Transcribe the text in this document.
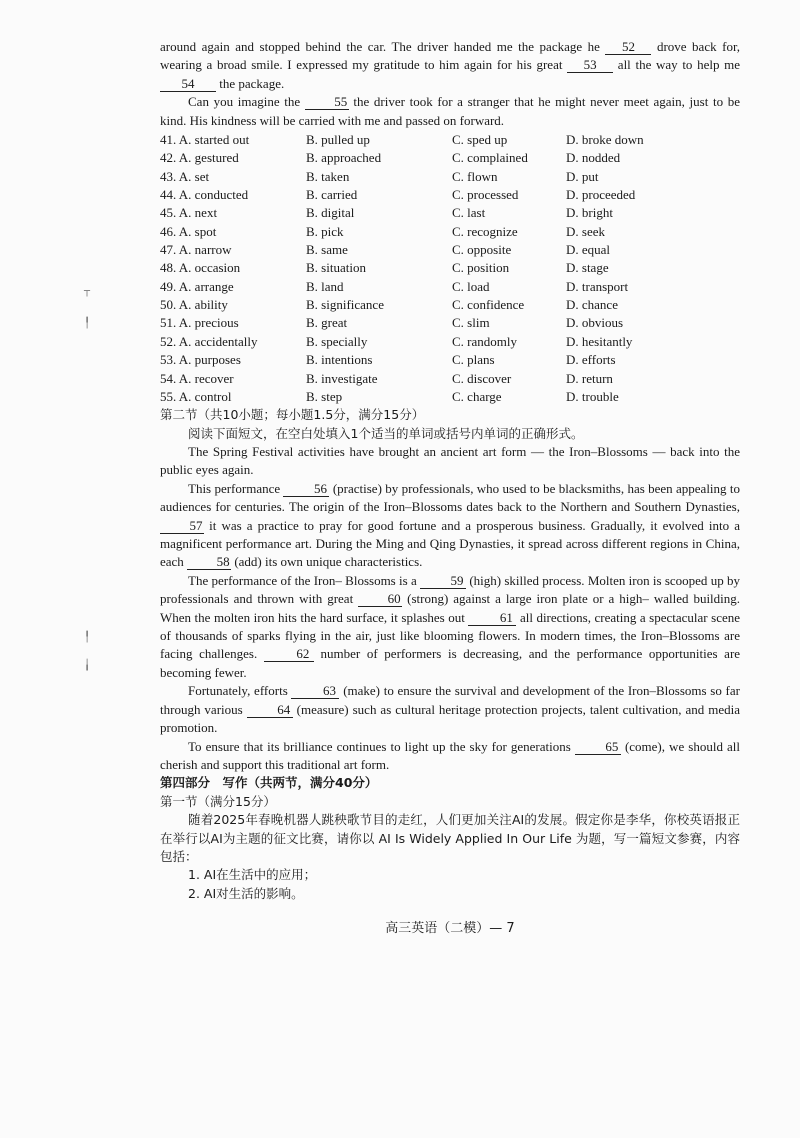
around again and stopped behind the car. The driver handed me the package he 52 drove back for, wearing a broad smile. I expressed my gratitude to him again for his great 53 all the way to help me 54 the package.

Can you imagine the	55 the driver took for a stranger that he might never meet again, just to be kind. His kindness will be carried with me and passed on forward.

41. A. started out	B. pulled up	C. sped up	D. broke down
42. A. gestured	B. approached	C. complained	D. nodded
43. A. set	B. taken	C. flown	D. put
44. A. conducted	B. carried	C. processed	D. proceeded
45. A. next	B. digital	C. last	D. bright
46. A. spot	B. pick	C. recognize	D. seek
47. A. narrow	B. same	C. opposite	D. equal
48. A. occasion	B. situation	C. position	D. stage
49. A. arrange	B. land	C. load	D. transport
50. A. ability	B. significance	C. confidence	D. chance
51. A. precious	B. great	C. slim	D. obvious
52. A. accidentally	B. specially	C. randomly	D. hesitantly
53. A. purposes	B. intentions	C. plans	D. efforts
54. A. recover	B. investigate	C. discover	D. return
55. A. control	B. step	C. charge	D. trouble

第二节（共10小题；每小题1.5分，满分15分）

阅读下面短文，在空白处填入1个适当的单词或括号内单词的正确形式。

The Spring Festival activities have brought an ancient art form — the Iron–Blossoms — back into the public eyes again.

This performance	56 (practise) by professionals, who used to be blacksmiths, has been appealing to audiences for centuries. The origin of the Iron–Blossoms dates back to the Northern and Southern Dynasties, 57 it was a practice to pray for good fortune and a prosperous business. Gradually, it evolved into a magnificent performance art. During the Ming and Qing Dynasties, it spread across different regions in China, each	58 (add) its own unique characteristics.

The performance of the Iron– Blossoms is a	59 (high) skilled process. Molten iron is scooped up by professionals and thrown with great	60 (strong) against a large iron plate or a high– walled building. When the molten iron hits the hard surface, it splashes out	61 all directions, creating a spectacular scene of thousands of sparks flying in the air, just like blooming flowers. In modern times, the Iron–Blossoms are facing challenges.	62 number of performers is decreasing, and the performance opportunities are becoming fewer.

Fortunately, efforts	63 (make) to ensure the survival and development of the Iron–Blossoms so far through various	64 (measure) such as cultural heritage protection projects, talent cultivation, and media promotion.

To ensure that its brilliance continues to light up the sky for generations	65 (come), we should all cherish and support this traditional art form.

第四部分　写作（共两节，满分40分）

第一节（满分15分）

随着2025年春晚机器人跳秧歌节目的走红，人们更加关注AI的发展。假定你是李华，你校英语报正在举行以AI为主题的征文比赛，请你以 AI Is Widely Applied In Our Life 为题，写一篇短文参赛，内容包括：

1. AI在生活中的应用；

2. AI对生活的影响。

高三英语（二模）— 7
┬
╿
╿
╽
